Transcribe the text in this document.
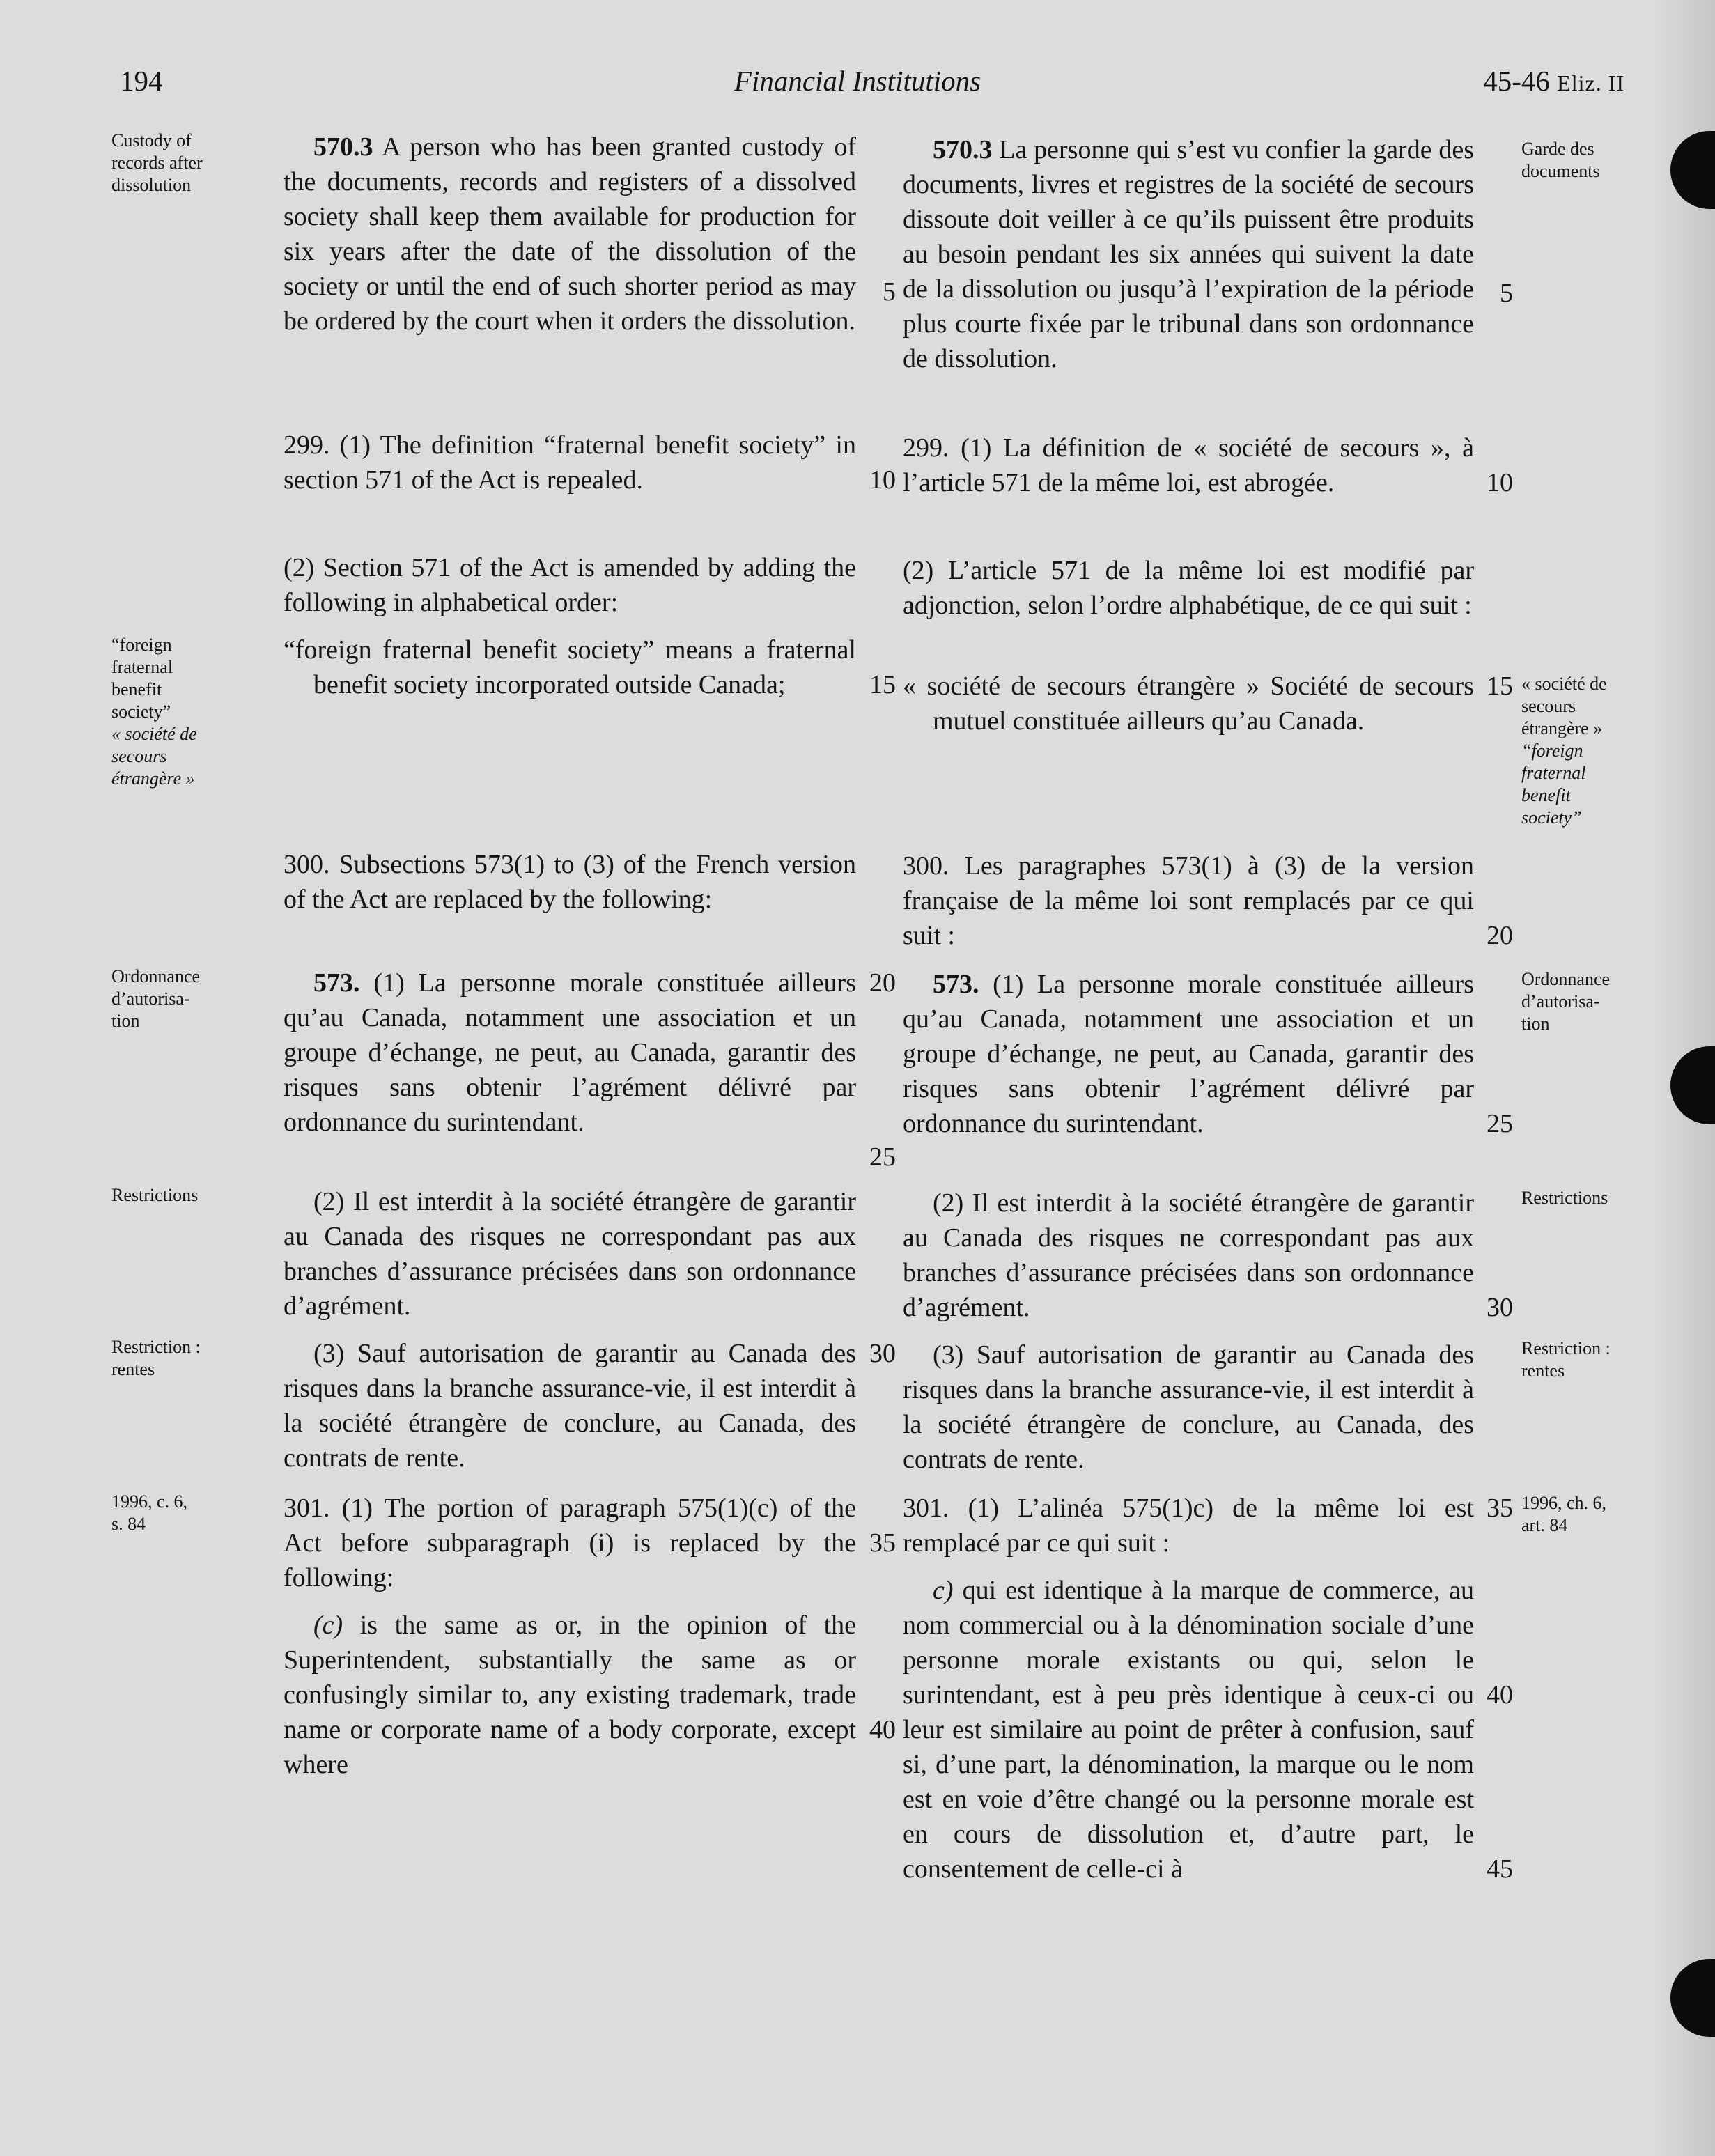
194	Financial Institutions	45-46 Eliz. II
Custody of
records after
dissolution
“foreign
fraternal
benefit
society”
« société de
secours
étrangère »
Ordonnance
d’autorisa-
tion
Restrictions
Restriction :
rentes
1996, c. 6,
s. 84
Garde des
documents
« société de
secours
étrangère »
“foreign
fraternal
benefit
society”
Ordonnance
d’autorisa-
tion
Restrictions
Restriction :
rentes
1996, ch. 6,
art. 84

570.3 A person who has been granted custody of the documents, records and registers of a dissolved society shall keep them available for production for six years after the date of the dissolution of the society or until the end of such shorter period as may be ordered by the court when it orders the dissolution.

299. (1) The definition “fraternal benefit society” in section 571 of the Act is repealed.
(2) Section 571 of the Act is amended by adding the following in alphabetical order:

“foreign fraternal benefit society” means a fraternal benefit society incorporated outside Canada;

300. Subsections 573(1) to (3) of the French version of the Act are replaced by the following:

573. (1) La personne morale constituée ailleurs qu’au Canada, notamment une association et un groupe d’échange, ne peut, au Canada, garantir des risques sans obtenir l’agrément délivré par ordonnance du surintendant.

(2) Il est interdit à la société étrangère de garantir au Canada des risques ne correspondant pas aux branches d’assurance précisées dans son ordonnance d’agrément.

(3) Sauf autorisation de garantir au Canada des risques dans la branche assurance-vie, il est interdit à la société étrangère de conclure, au Canada, des contrats de rente.

301. (1) The portion of paragraph 575(1)(c) of the Act before subparagraph (i) is replaced by the following:

(c) is the same as or, in the opinion of the Superintendent, substantially the same as or confusingly similar to, any existing trademark, trade name or corporate name of a body corporate, except where

570.3 La personne qui s’est vu confier la garde des documents, livres et registres de la société de secours dissoute doit veiller à ce qu’ils puissent être produits au besoin pendant les six années qui suivent la date de la dissolution ou jusqu’à l’expiration de la période plus courte fixée par le tribunal dans son ordonnance de dissolution.

299. (1) La définition de « société de secours », à l’article 571 de la même loi, est abrogée.
(2) L’article 571 de la même loi est modifié par adjonction, selon l’ordre alphabétique, de ce qui suit :

« société de secours étrangère » Société de secours mutuel constituée ailleurs qu’au Canada.

300. Les paragraphes 573(1) à (3) de la version française de la même loi sont remplacés par ce qui suit :

573. (1) La personne morale constituée ailleurs qu’au Canada, notamment une association et un groupe d’échange, ne peut, au Canada, garantir des risques sans obtenir l’agrément délivré par ordonnance du surintendant.

(2) Il est interdit à la société étrangère de garantir au Canada des risques ne correspondant pas aux branches d’assurance précisées dans son ordonnance d’agrément.

(3) Sauf autorisation de garantir au Canada des risques dans la branche assurance-vie, il est interdit à la société étrangère de conclure, au Canada, des contrats de rente.

301. (1) L’alinéa 575(1)c) de la même loi est remplacé par ce qui suit :

c) qui est identique à la marque de commerce, au nom commercial ou à la dénomination sociale d’une personne morale existants ou qui, selon le surintendant, est à peu près identique à ceux-ci ou leur est similaire au point de prêter à confusion, sauf si, d’une part, la dénomination, la marque ou le nom est en voie d’être changé ou la personne morale est en cours de dissolution et, d’autre part, le consentement de celle-ci à

5
10
15
20
25
30
35
40
5
10
15
20
25
30
35
40
45
